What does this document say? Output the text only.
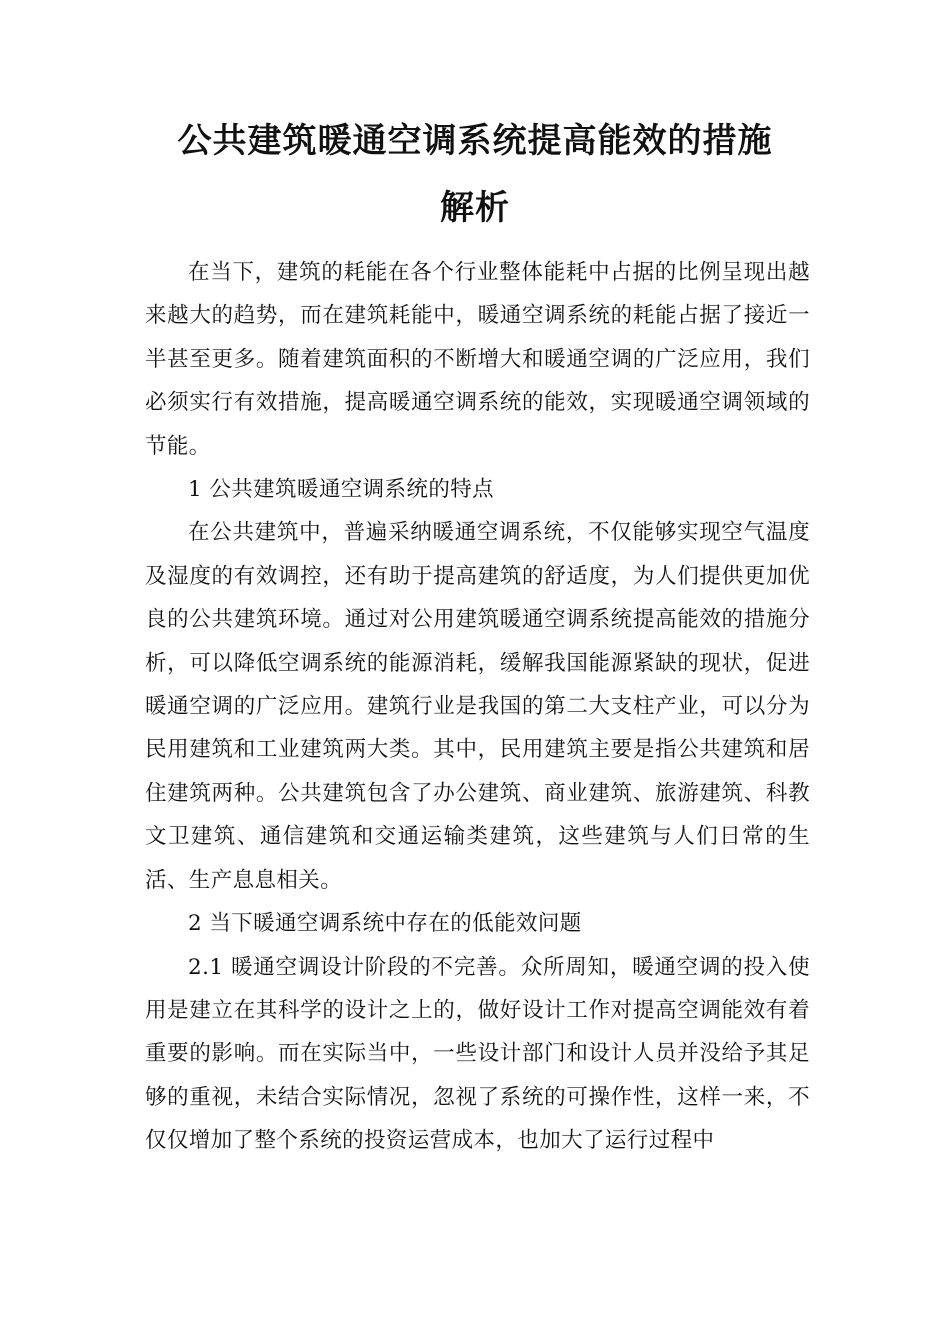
公共建筑暖通空调系统提高能效的措施
解析

在当下，建筑的耗能在各个行业整体能耗中占据的比例呈现出越来越大的趋势，而在建筑耗能中，暖通空调系统的耗能占据了接近一半甚至更多。随着建筑面积的不断增大和暖通空调的广泛应用，我们必须实行有效措施，提高暖通空调系统的能效，实现暖通空调领域的节能。

1 公共建筑暖通空调系统的特点

在公共建筑中，普遍采纳暖通空调系统，不仅能够实现空气温度及湿度的有效调控，还有助于提高建筑的舒适度，为人们提供更加优良的公共建筑环境。通过对公用建筑暖通空调系统提高能效的措施分析，可以降低空调系统的能源消耗，缓解我国能源紧缺的现状，促进暖通空调的广泛应用。建筑行业是我国的第二大支柱产业，可以分为民用建筑和工业建筑两大类。其中，民用建筑主要是指公共建筑和居住建筑两种。公共建筑包含了办公建筑、商业建筑、旅游建筑、科教文卫建筑、通信建筑和交通运输类建筑，这些建筑与人们日常的生活、生产息息相关。

2 当下暖通空调系统中存在的低能效问题

2.1 暖通空调设计阶段的不完善。众所周知，暖通空调的投入使用是建立在其科学的设计之上的，做好设计工作对提高空调能效有着重要的影响。而在实际当中，一些设计部门和设计人员并没给予其足够的重视，未结合实际情况，忽视了系统的可操作性，这样一来，不仅仅增加了整个系统的投资运营成本，也加大了运行过程中
